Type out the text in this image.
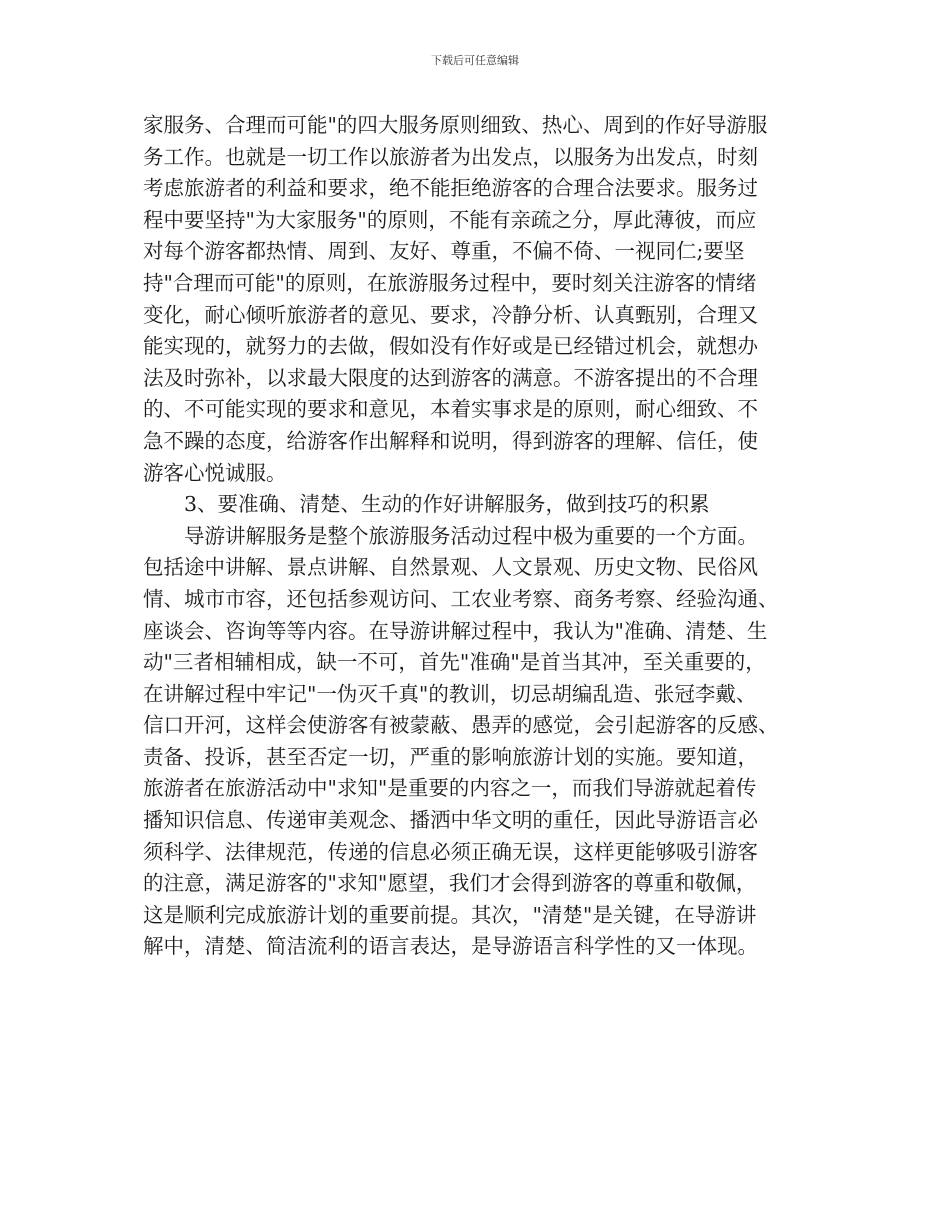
下载后可任意编辑
家服务、合理而可能"的四大服务原则细致、热心、周到的作好导游服
务工作。也就是一切工作以旅游者为出发点，以服务为出发点，时刻
考虑旅游者的利益和要求，绝不能拒绝游客的合理合法要求。服务过
程中要坚持"为大家服务"的原则，不能有亲疏之分，厚此薄彼，而应
对每个游客都热情、周到、友好、尊重，不偏不倚、一视同仁;要坚
持"合理而可能"的原则，在旅游服务过程中，要时刻关注游客的情绪
变化，耐心倾听旅游者的意见、要求，冷静分析、认真甄别，合理又
能实现的，就努力的去做，假如没有作好或是已经错过机会，就想办
法及时弥补，以求最大限度的达到游客的满意。不游客提出的不合理
的、不可能实现的要求和意见，本着实事求是的原则，耐心细致、不
急不躁的态度，给游客作出解释和说明，得到游客的理解、信任，使
游客心悦诚服。
3、要准确、清楚、生动的作好讲解服务，做到技巧的积累
导游讲解服务是整个旅游服务活动过程中极为重要的一个方面。
包括途中讲解、景点讲解、自然景观、人文景观、历史文物、民俗风
情、城市市容，还包括参观访问、工农业考察、商务考察、经验沟通、
座谈会、咨询等等内容。在导游讲解过程中，我认为"准确、清楚、生
动"三者相辅相成，缺一不可，首先"准确"是首当其冲，至关重要的，
在讲解过程中牢记"一伪灭千真"的教训，切忌胡编乱造、张冠李戴、
信口开河，这样会使游客有被蒙蔽、愚弄的感觉，会引起游客的反感、
责备、投诉，甚至否定一切，严重的影响旅游计划的实施。要知道，
旅游者在旅游活动中"求知"是重要的内容之一，而我们导游就起着传
播知识信息、传递审美观念、播洒中华文明的重任，因此导游语言必
须科学、法律规范，传递的信息必须正确无误，这样更能够吸引游客
的注意，满足游客的"求知"愿望，我们才会得到游客的尊重和敬佩，
这是顺利完成旅游计划的重要前提。其次，"清楚"是关键，在导游讲
解中，清楚、简洁流利的语言表达，是导游语言科学性的又一体现。
